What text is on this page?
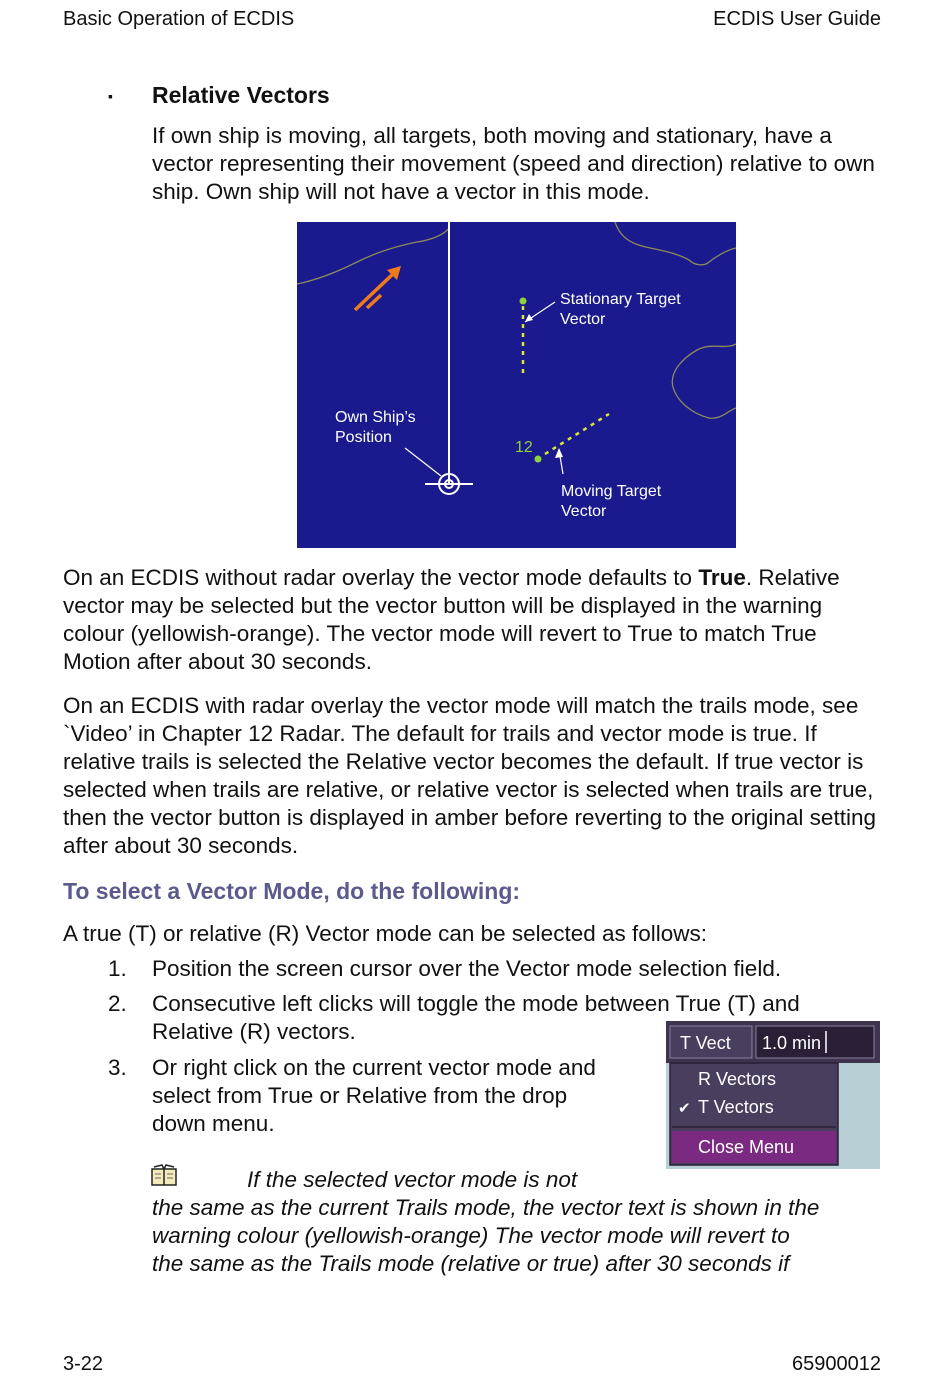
Basic Operation of ECDIS	ECDIS User Guide
▪ Relative Vectors
If own ship is moving, all targets, both moving and stationary, have a vector representing their movement (speed and direction) relative to own ship. Own ship will not have a vector in this mode.
Stationary Target
Vector
Own Ship’s
Position
12
Moving Target
Vector
On an ECDIS without radar overlay the vector mode defaults to True. Relative vector may be selected but the vector button will be displayed in the warning colour (yellowish-orange). The vector mode will revert to True to match True Motion after about 30 seconds.
On an ECDIS with radar overlay the vector mode will match the trails mode, see `Video’ in Chapter 12 Radar. The default for trails and vector mode is true. If relative trails is selected the Relative vector becomes the default. If true vector is selected when trails are relative, or relative vector is selected when trails are true, then the vector button is displayed in amber before reverting to the original setting after about 30 seconds.
To select a Vector Mode, do the following:
A true (T) or relative (R) Vector mode can be selected as follows:
1.	Position the screen cursor over the Vector mode selection field.
2.	Consecutive left clicks will toggle the mode between True (T) and
Relative (R) vectors.
3.	Or right click on the current vector mode and
select from True or Relative from the drop
down menu.
T Vect 1.0 min
R Vectors
✔ T Vectors
Close Menu
If the selected vector mode is not
the same as the current Trails mode, the vector text is shown in the
warning colour (yellowish-orange) The vector mode will revert to
the same as the Trails mode (relative or true) after 30 seconds if
3-22	65900012
